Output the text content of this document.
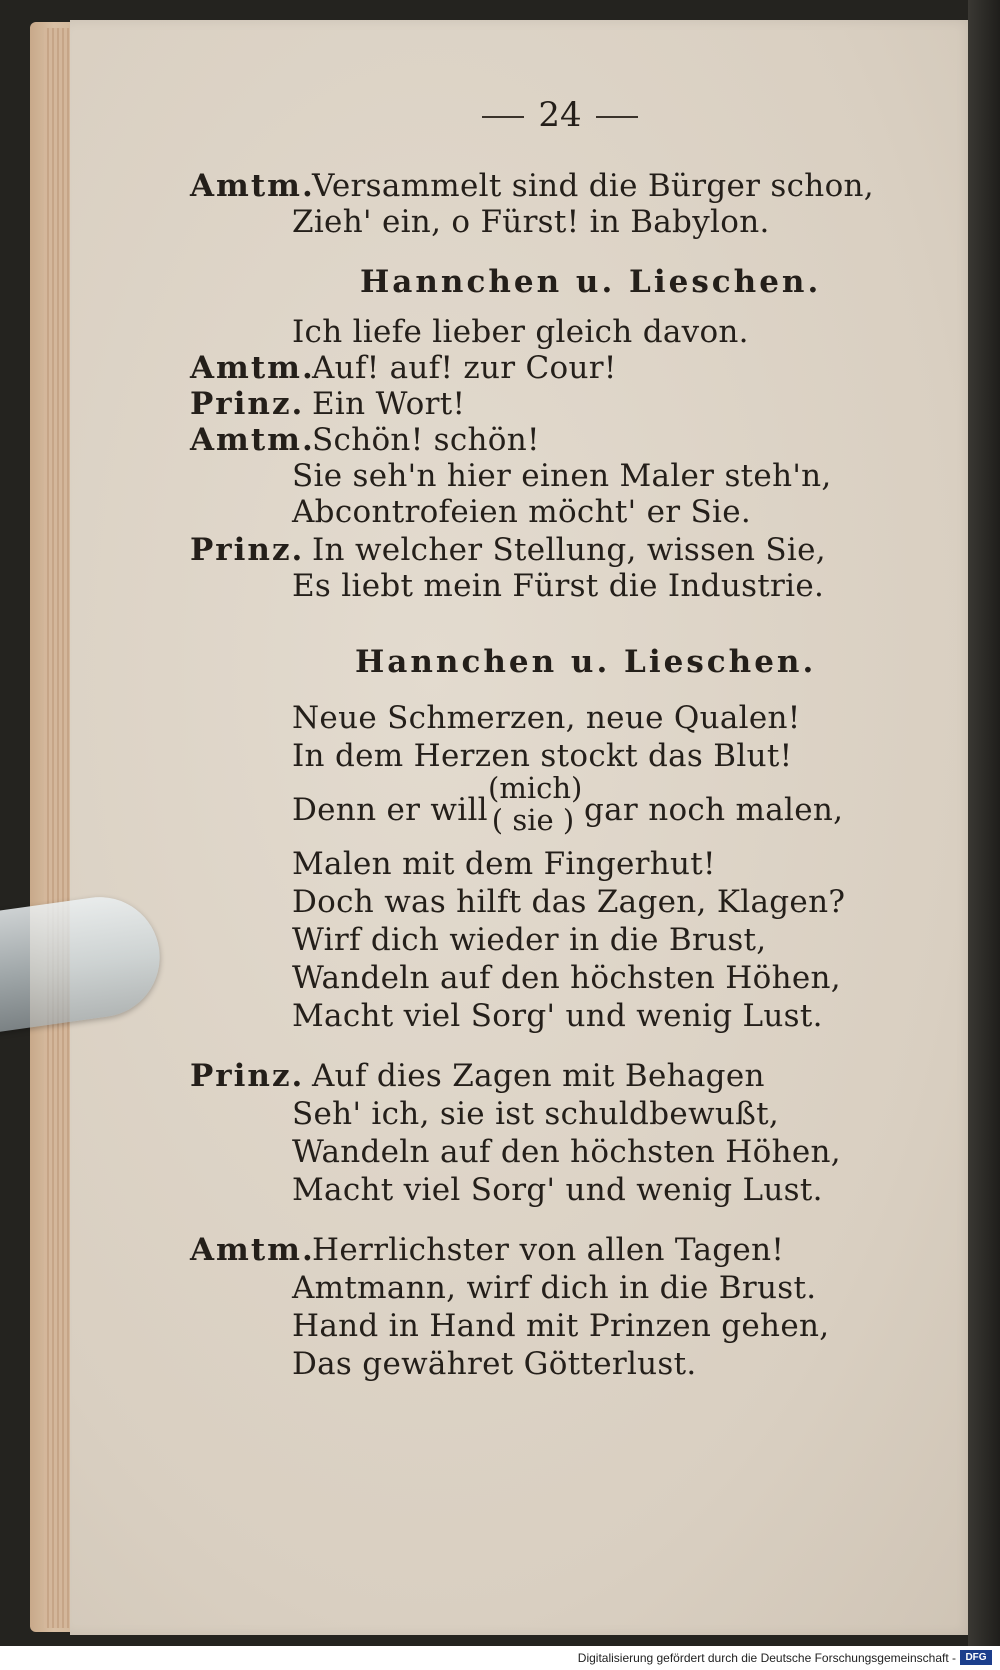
24
Amtm.
Versammelt sind die Bürger schon,
Zieh' ein, o Fürst! in Babylon.
Hannchen u. Lieschen.
Ich liefe lieber gleich davon.
Amtm.
Auf! auf! zur Cour!
Prinz. Ein Wort!
Amtm.
Schön! schön!
Sie seh'n hier einen Maler steh'n,
Abcontrofeien möcht' er Sie.
Prinz. In welcher Stellung, wissen Sie,
Es liebt mein Fürst die Industrie.
Hannchen u. Lieschen.
Neue Schmerzen, neue Qualen!
In dem Herzen stockt das Blut!
Denn er will
(mich)
( sie ) gar noch malen,
Malen mit dem Fingerhut!
Doch was hilft das Zagen, Klagen?
Wirf dich wieder in die Brust,
Wandeln auf den höchsten Höhen,
Macht viel Sorg' und wenig Lust.
Prinz. Auf dies Zagen mit Behagen
Seh' ich, sie ist schuldbewußt,
Wandeln auf den höchsten Höhen,
Macht viel Sorg' und wenig Lust.
Amtm.
Herrlichster von allen Tagen!
Amtmann, wirf dich in die Brust.
Hand in Hand mit Prinzen gehen,
Das gewähret Götterlust.
Digitalisierung gefördert durch die Deutsche Forschungsgemeinschaft - DFG
